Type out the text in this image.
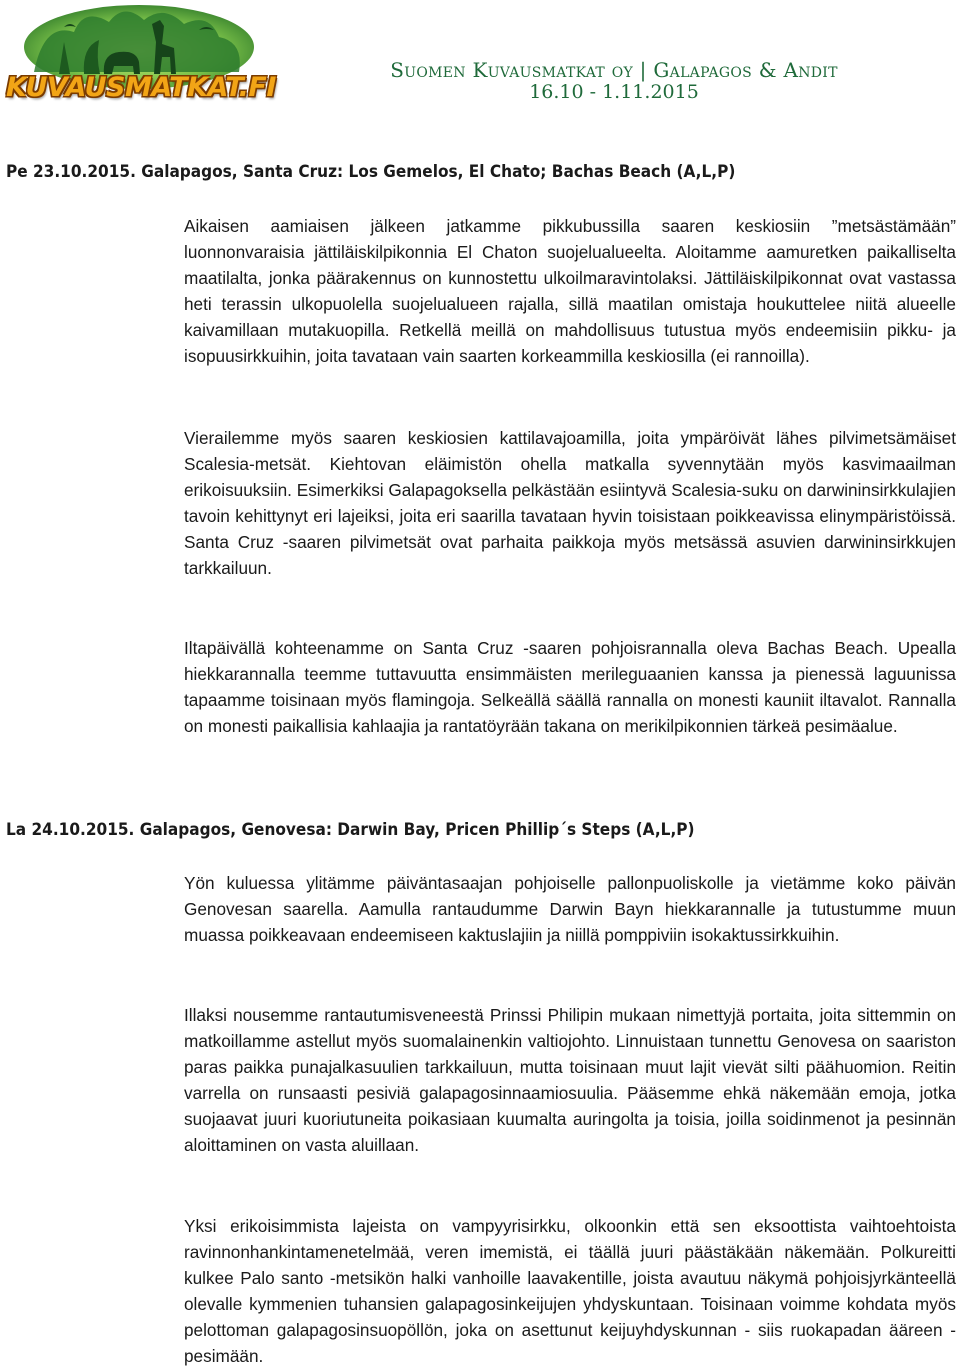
KUVAUSMATKAT.FI
Suomen Kuvausmatkat oy | Galapagos & Andit
16.10 - 1.11.2015
Pe 23.10.2015. Galapagos, Santa Cruz: Los Gemelos, El Chato; Bachas Beach (A,L,P)

Aikaisen aamiaisen jälkeen jatkamme pikkubussilla saaren keskiosiin ”metsästämään” luonnonvaraisia jättiläiskilpikonnia El Chaton suojelualueelta. Aloitamme aamuretken paikalliselta maatilalta, jonka päärakennus on kunnostettu ulkoilmaravintolaksi. Jättiläiskilpikonnat ovat vastassa heti terassin ulkopuolella suojelualueen rajalla, sillä maatilan omistaja houkuttelee niitä alueelle kaivamillaan mutakuopilla. Retkellä meillä on mahdollisuus tutustua myös endeemisiin pikku- ja isopuusirkkuihin, joita tavataan vain saarten korkeammilla keskiosilla (ei rannoilla).

Vierailemme myös saaren keskiosien kattilavajoamilla, joita ympäröivät lähes pilvimetsämäiset Scalesia-metsät. Kiehtovan eläimistön ohella matkalla syvennytään myös kasvimaailman erikoisuuksiin. Esimerkiksi Galapagoksella pelkästään esiintyvä Scalesia-suku on darwininsirkkulajien tavoin kehittynyt eri lajeiksi, joita eri saarilla tavataan hyvin toisistaan poikkeavissa elinympäristöissä. Santa Cruz -saaren pilvimetsät ovat parhaita paikkoja myös metsässä asuvien darwininsirkkujen tarkkailuun.

Iltapäivällä kohteenamme on Santa Cruz -saaren pohjoisrannalla oleva Bachas Beach. Upealla hiekkarannalla teemme tuttavuutta ensimmäisten merileguaanien kanssa ja pienessä laguunissa tapaamme toisinaan myös flamingoja. Selkeällä säällä rannalla on monesti kauniit iltavalot. Rannalla on monesti paikallisia kahlaajia ja rantatöyrään takana on merikilpikonnien tärkeä pesimäalue.

La 24.10.2015. Galapagos, Genovesa: Darwin Bay, Pricen Phillip´s Steps (A,L,P)

Yön kuluessa ylitämme päiväntasaajan pohjoiselle pallonpuoliskolle ja vietämme koko päivän Genovesan saarella. Aamulla rantaudumme Darwin Bayn hiekkarannalle ja tutustumme muun muassa poikkeavaan endeemiseen kaktuslajiin ja niillä pomppiviin isokaktussirkkuihin.

Illaksi nousemme rantautumisveneestä Prinssi Philipin mukaan nimettyjä portaita, joita sittemmin on matkoillamme astellut myös suomalainenkin valtiojohto. Linnuistaan tunnettu Genovesa on saariston paras paikka punajalkasuulien tarkkailuun, mutta toisinaan muut lajit vievät silti päähuomion. Reitin varrella on runsaasti pesiviä galapagosinnaamiosuulia. Pääsemme ehkä näkemään emoja, jotka suojaavat juuri kuoriutuneita poikasiaan kuumalta auringolta ja toisia, joilla soidinmenot ja pesinnän aloittaminen on vasta aluillaan.

Yksi erikoisimmista lajeista on vampyyrisirkku, olkoonkin että sen eksoottista vaihtoehtoista ravinnonhankintamenetelmää, veren imemistä, ei täällä juuri päästäkään näkemään. Polkureitti kulkee Palo santo -metsikön halki vanhoille laavakentille, joista avautuu näkymä pohjoisjyrkänteellä olevalle kymmenien tuhansien galapagosinkeijujen yhdyskuntaan. Toisinaan voimme kohdata myös pelottoman galapagosinsuopöllön, joka on asettunut keijuyhdyskunnan - siis ruokapadan ääreen - pesimään.
